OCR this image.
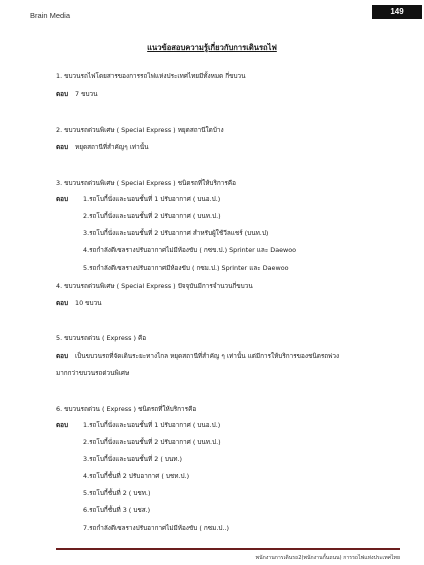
Brain Media	149
แนวข้อสอบความรู้เกี่ยวกับการเดินรถไฟ
1. ขบวนรถไฟโดยสารของการรถไฟแห่งประเทศไทยมีทั้งหมด กี่ขบวน
ตอบ 7 ขบวน
2. ขบวนรถด่วนพิเศษ ( Special Express ) หยุดสถานีใดบ้าง
ตอบ หยุดสถานีที่สำคัญๆ เท่านั้น
3. ขบวนรถด่วนพิเศษ ( Special Express ) ชนิดรถที่ให้บริการคือ
ตอบ 1.รถโบกี้นั่งและนอนชั้นที่ 1 ปรับอากาศ ( บนอ.ป.)
2.รถโบกี้นั่งและนอนชั้นที่ 2 ปรับอากาศ ( บนท.ป.)
3.รถโบกี้นั่งและนอนชั้นที่ 2 ปรับอากาศ สำหรับผู้ใช้วีลแชร์ (บนท.ป)
4.รถกำลังดีเซลรางปรับอากาศไม่มีห้องขับ ( กซข.ป.) Sprinter และ Daewoo
5.รถกำลังดีเซลรางปรับอากาศมีห้องขับ ( กซม.ป.) Sprinter และ Daewoo
4. ขบวนรถด่วนพิเศษ ( Special Express ) ปัจจุบันมีการจำนวนกี่ขบวน
ตอบ 10 ขบวน
5. ขบวนรถด่วน ( Express ) คือ
ตอบ เป็นขบวนรถที่จัดเดินระยะทางไกล หยุดสถานีที่สำคัญ ๆ เท่านั้น แต่มีการให้บริการของชนิดรถพ่วง
มากกว่าขบวนรถด่วนพิเศษ
6. ขบวนรถด่วน ( Express ) ชนิดรถที่ให้บริการคือ
ตอบ 1.รถโบกี้นั่งและนอนชั้นที่ 1 ปรับอากาศ ( บนอ.ป.)
2.รถโบกี้นั่งและนอนชั้นที่ 2 ปรับอากาศ ( บนท.ป.)
3.รถโบกี้นั่งและนอนชั้นที่ 2 ( บนท.)
4.รถโบกี้ชั้นที่ 2 ปรับอากาศ ( บชท.ป.)
5.รถโบกี้ชั้นที่ 2 ( บชท.)
6.รถโบกี้ชั้นที่ 3 ( บชส.)
7.รถกำลังดีเซลรางปรับอากาศไม่มีห้องขับ ( กซม.ป..)
พนักงานการเดินรถ2(พนักงานกั้นถนน) การรถไฟแห่งประเทศไทย
